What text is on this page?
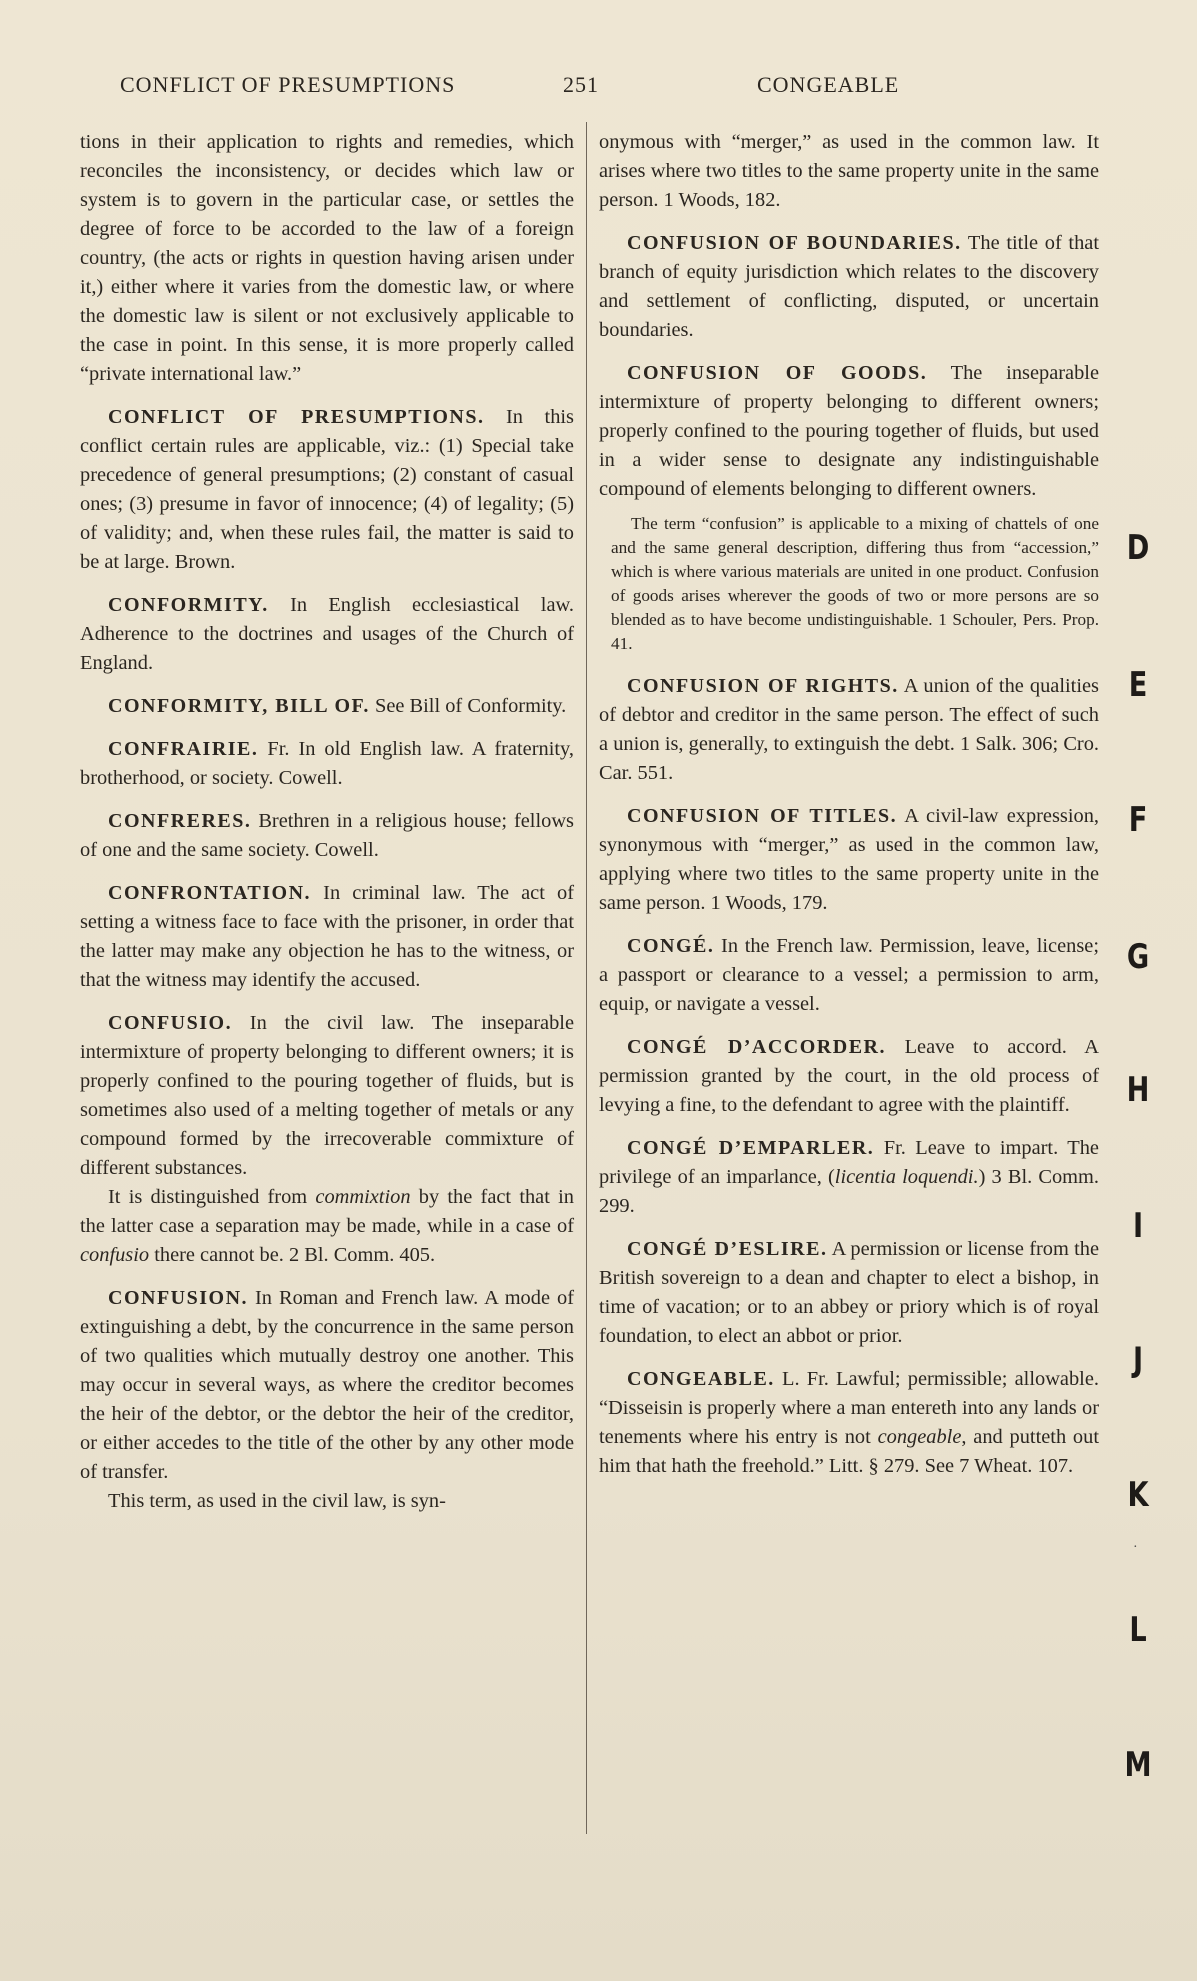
CONFLICT OF PRESUMPTIONS	251	CONGEABLE
tions in their application to rights and remedies, which reconciles the inconsistency, or decides which law or system is to govern in the particular case, or settles the degree of force to be accorded to the law of a foreign country, (the acts or rights in question having arisen under it,) either where it varies from the domestic law, or where the domestic law is silent or not exclusively applicable to the case in point. In this sense, it is more properly called “private international law.”
CONFLICT OF PRESUMPTIONS. In this conflict certain rules are applicable, viz.: (1) Special take precedence of general presumptions; (2) constant of casual ones; (3) presume in favor of innocence; (4) of legality; (5) of validity; and, when these rules fail, the matter is said to be at large. Brown.
CONFORMITY. In English ecclesiastical law. Adherence to the doctrines and usages of the Church of England.
CONFORMITY, BILL OF. See Bill of Conformity.
CONFRAIRIE. Fr. In old English law. A fraternity, brotherhood, or society. Cowell.
CONFRERES. Brethren in a religious house; fellows of one and the same society. Cowell.
CONFRONTATION. In criminal law. The act of setting a witness face to face with the prisoner, in order that the latter may make any objection he has to the witness, or that the witness may identify the accused.

CONFUSIO. In the civil law. The inseparable intermixture of property belonging to different owners; it is properly confined to the pouring together of fluids, but is sometimes also used of a melting together of metals or any compound formed by the irrecoverable commixture of different substances.

It is distinguished from commixtion by the fact that in the latter case a separation may be made, while in a case of confusio there cannot be. 2 Bl. Comm. 405.

CONFUSION. In Roman and French law. A mode of extinguishing a debt, by the concurrence in the same person of two qualities which mutually destroy one another. This may occur in several ways, as where the creditor becomes the heir of the debtor, or the debtor the heir of the creditor, or either accedes to the title of the other by any other mode of transfer.

This term, as used in the civil law, is syn-

onymous with “merger,” as used in the common law. It arises where two titles to the same property unite in the same person. 1 Woods, 182.
CONFUSION OF BOUNDARIES. The title of that branch of equity jurisdiction which relates to the discovery and settlement of conflicting, disputed, or uncertain boundaries.
CONFUSION OF GOODS. The inseparable intermixture of property belonging to different owners; properly confined to the pouring together of fluids, but used in a wider sense to designate any indistinguishable compound of elements belonging to different owners.
The term “confusion” is applicable to a mixing of chattels of one and the same general description, differing thus from “accession,” which is where various materials are united in one product. Confusion of goods arises wherever the goods of two or more persons are so blended as to have become undistinguishable. 1 Schouler, Pers. Prop. 41.
CONFUSION OF RIGHTS. A union of the qualities of debtor and creditor in the same person. The effect of such a union is, generally, to extinguish the debt. 1 Salk. 306; Cro. Car. 551.
CONFUSION OF TITLES. A civil-law expression, synonymous with “merger,” as used in the common law, applying where two titles to the same property unite in the same person. 1 Woods, 179.
CONGÉ. In the French law. Permission, leave, license; a passport or clearance to a vessel; a permission to arm, equip, or navigate a vessel.
CONGÉ D’ACCORDER. Leave to accord. A permission granted by the court, in the old process of levying a fine, to the defendant to agree with the plaintiff.
CONGÉ D’EMPARLER. Fr. Leave to impart. The privilege of an imparlance, (licentia loquendi.) 3 Bl. Comm. 299.
CONGÉ D’ESLIRE. A permission or license from the British sovereign to a dean and chapter to elect a bishop, in time of vacation; or to an abbey or priory which is of royal foundation, to elect an abbot or prior.
CONGEABLE. L. Fr. Lawful; permissible; allowable. “Disseisin is properly where a man entereth into any lands or tenements where his entry is not congeable, and putteth out him that hath the freehold.” Litt. § 279. See 7 Wheat. 107.
D
E
F
G
H
I
J
K
·
L
M
